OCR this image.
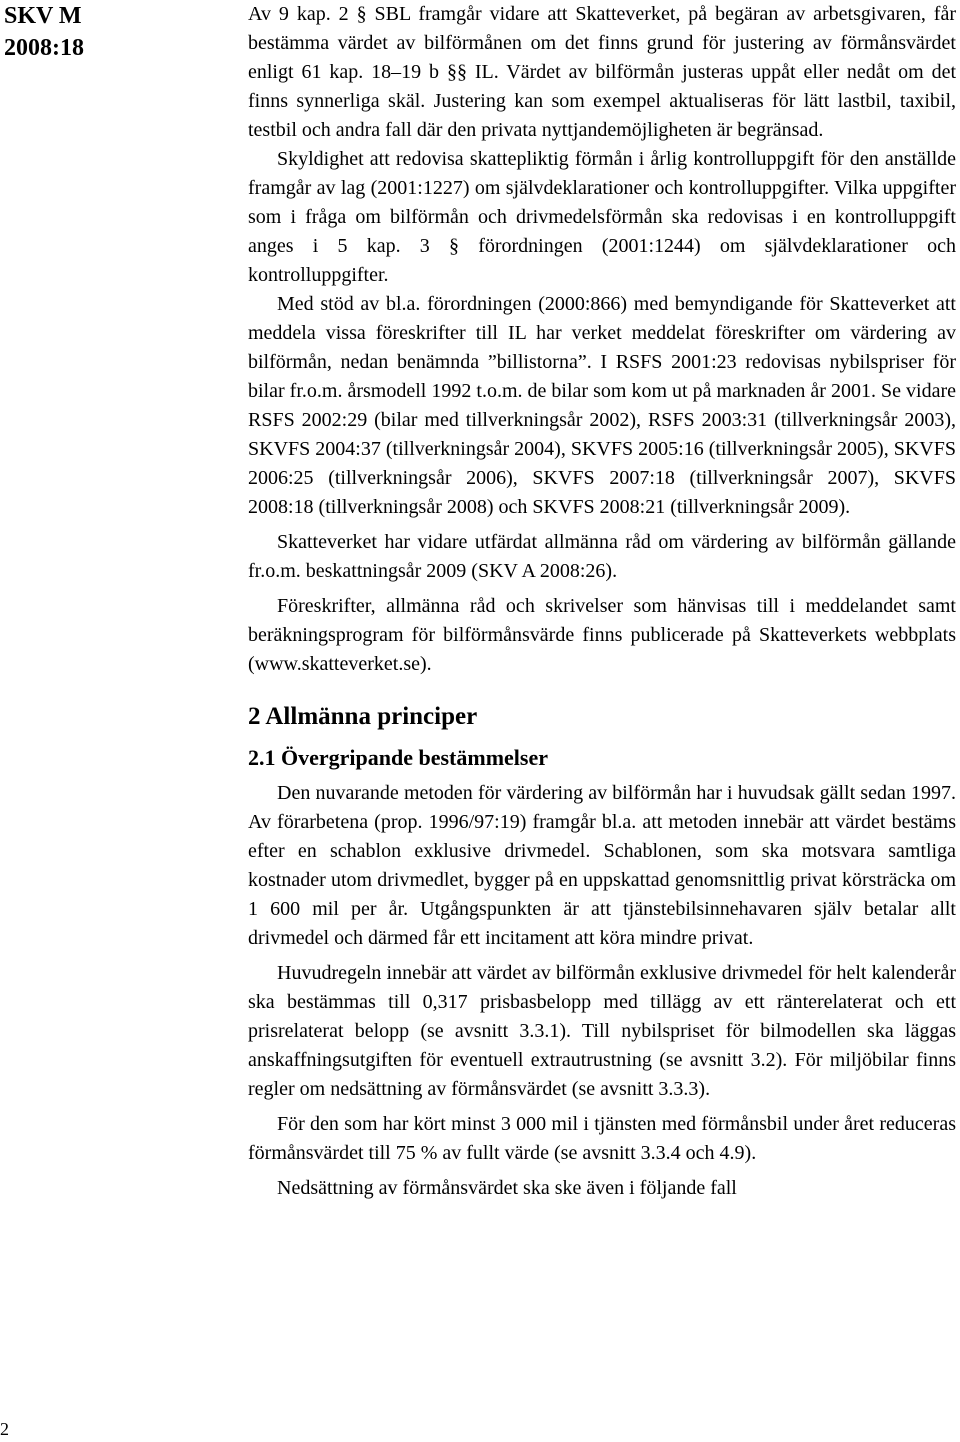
SKV M
2008:18

Av 9 kap. 2 § SBL framgår vidare att Skatteverket, på begäran av arbetsgivaren, får bestämma värdet av bilförmånen om det finns grund för justering av förmånsvärdet enligt 61 kap. 18–19 b §§ IL. Värdet av bilförmån justeras uppåt eller nedåt om det finns synnerliga skäl. Justering kan som exempel aktualiseras för lätt lastbil, taxibil, testbil och andra fall där den privata nyttjandemöjligheten är begränsad.

Skyldighet att redovisa skattepliktig förmån i årlig kontrolluppgift för den anställde framgår av lag (2001:1227) om självdeklarationer och kontrolluppgifter. Vilka uppgifter som i fråga om bilförmån och drivmedelsförmån ska redovisas i en kontrolluppgift anges i 5 kap. 3 § förordningen (2001:1244) om självdeklarationer och kontrolluppgifter.

Med stöd av bl.a. förordningen (2000:866) med bemyndigande för Skatteverket att meddela vissa föreskrifter till IL har verket meddelat föreskrifter om värdering av bilförmån, nedan benämnda ”billistorna”. I RSFS 2001:23 redovisas nybilspriser för bilar fr.o.m. årsmodell 1992 t.o.m. de bilar som kom ut på marknaden år 2001. Se vidare RSFS 2002:29 (bilar med tillverkningsår 2002), RSFS 2003:31 (tillverkningsår 2003), SKVFS 2004:37 (tillverkningsår 2004), SKVFS 2005:16 (tillverkningsår 2005), SKVFS 2006:25 (tillverkningsår 2006), SKVFS 2007:18 (tillverkningsår 2007), SKVFS 2008:18 (tillverkningsår 2008) och SKVFS 2008:21 (tillverkningsår 2009).

Skatteverket har vidare utfärdat allmänna råd om värdering av bilförmån gällande fr.o.m. beskattningsår 2009 (SKV A 2008:26).

Föreskrifter, allmänna råd och skrivelser som hänvisas till i meddelandet samt beräkningsprogram för bilförmånsvärde finns publicerade på Skatteverkets webbplats (www.skatteverket.se).

2 Allmänna principer
2.1 Övergripande bestämmelser

Den nuvarande metoden för värdering av bilförmån har i huvudsak gällt sedan 1997. Av förarbetena (prop. 1996/97:19) framgår bl.a. att metoden innebär att värdet bestäms efter en schablon exklusive drivmedel. Schablonen, som ska motsvara samtliga kostnader utom drivmedlet, bygger på en uppskattad genomsnittlig privat körsträcka om 1 600 mil per år. Utgångspunkten är att tjänstebilsinnehavaren själv betalar allt drivmedel och därmed får ett incitament att köra mindre privat.

Huvudregeln innebär att värdet av bilförmån exklusive drivmedel för helt kalenderår ska bestämmas till 0,317 prisbasbelopp med tillägg av ett ränterelaterat och ett prisrelaterat belopp (se avsnitt 3.3.1). Till nybilspriset för bilmodellen ska läggas anskaffningsutgiften för eventuell extrautrustning (se avsnitt 3.2). För miljöbilar finns regler om nedsättning av förmånsvärdet (se avsnitt 3.3.3).

För den som har kört minst 3 000 mil i tjänsten med förmånsbil under året reduceras förmånsvärdet till 75 % av fullt värde (se avsnitt 3.3.4 och 4.9).

Nedsättning av förmånsvärdet ska ske även i följande fall

2
